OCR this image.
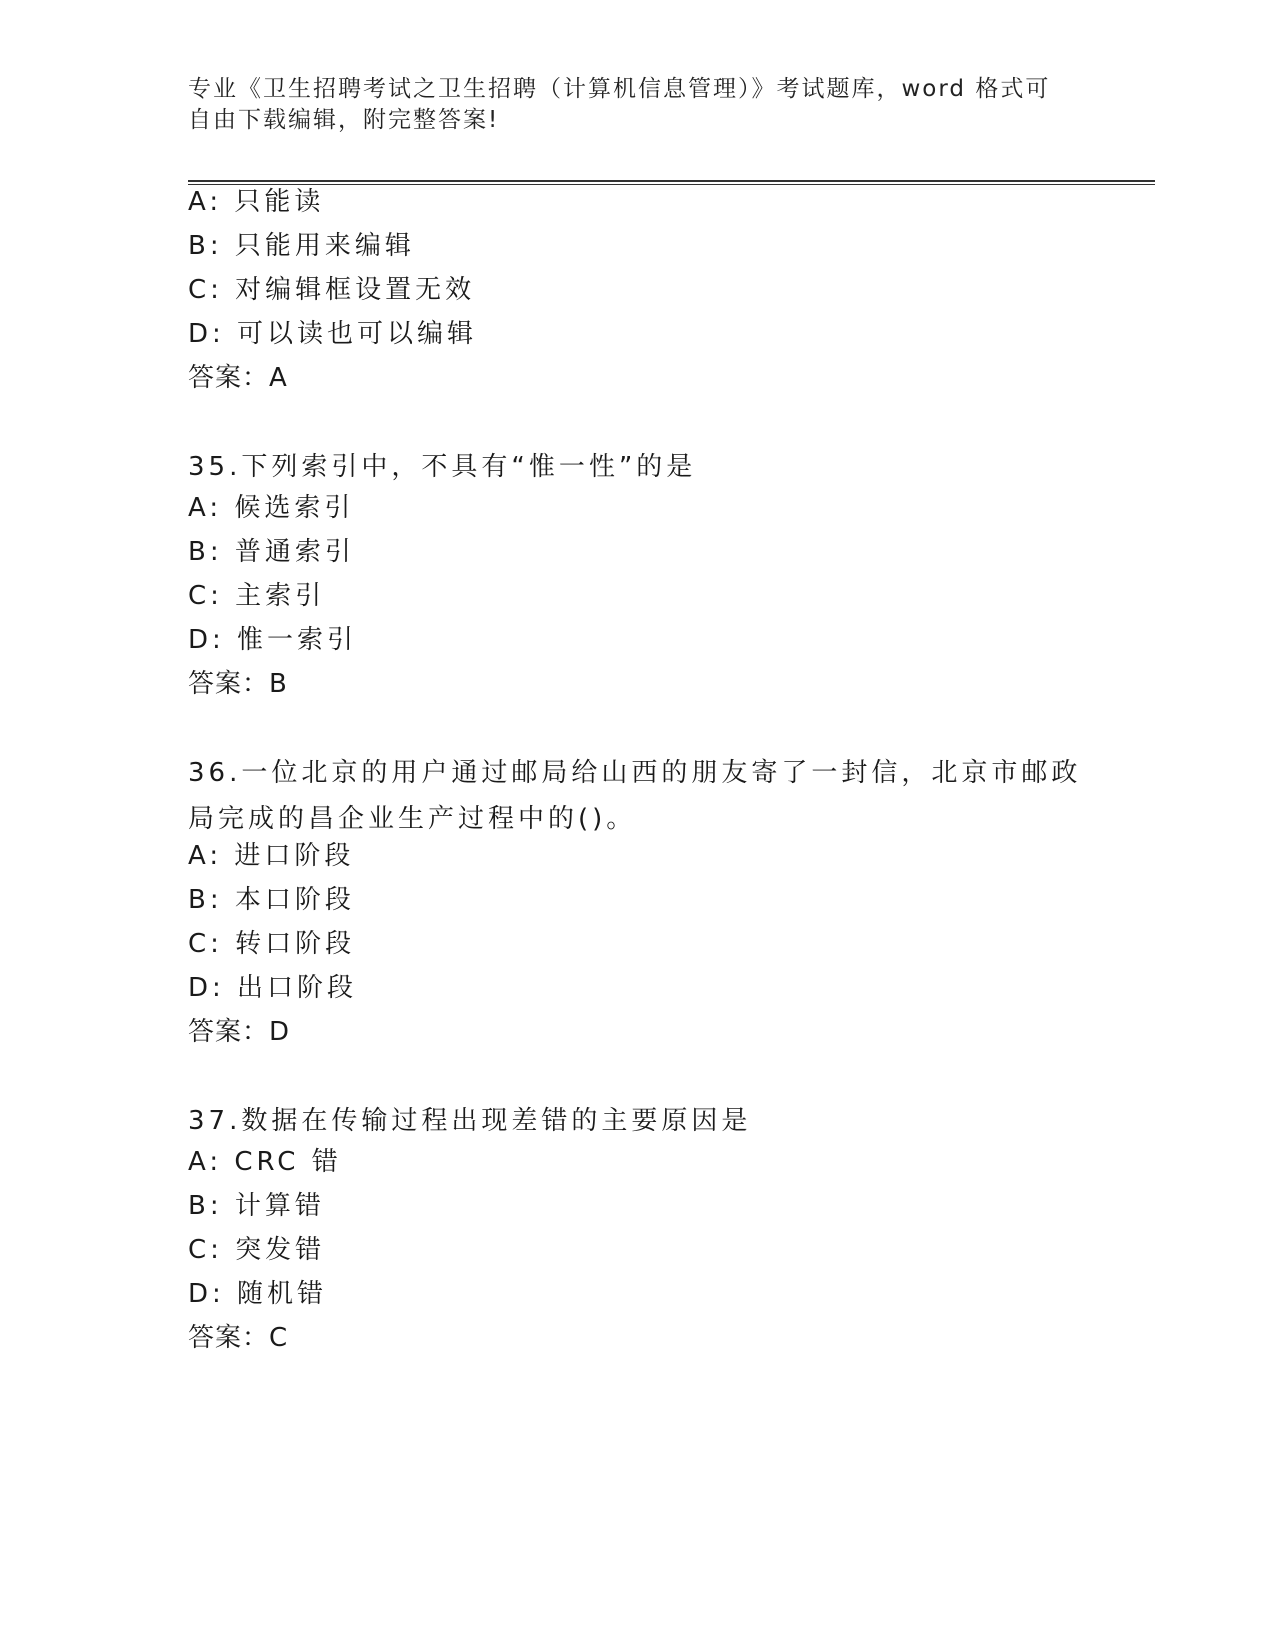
专业《卫生招聘考试之卫生招聘（计算机信息管理）》考试题库，word 格式可自由下载编辑，附完整答案!
A: 只能读
B: 只能用来编辑
C: 对编辑框设置无效
D: 可以读也可以编辑
答案：A
35.下列索引中，不具有“惟一性”的是
A: 候选索引
B: 普通索引
C: 主索引
D: 惟一索引
答案：B
36.一位北京的用户通过邮局给山西的朋友寄了一封信，北京市邮政局完成的昌企业生产过程中的()。
A: 进口阶段
B: 本口阶段
C: 转口阶段
D: 出口阶段
答案：D
37.数据在传输过程出现差错的主要原因是
A: CRC 错
B: 计算错
C: 突发错
D: 随机错
答案：C
